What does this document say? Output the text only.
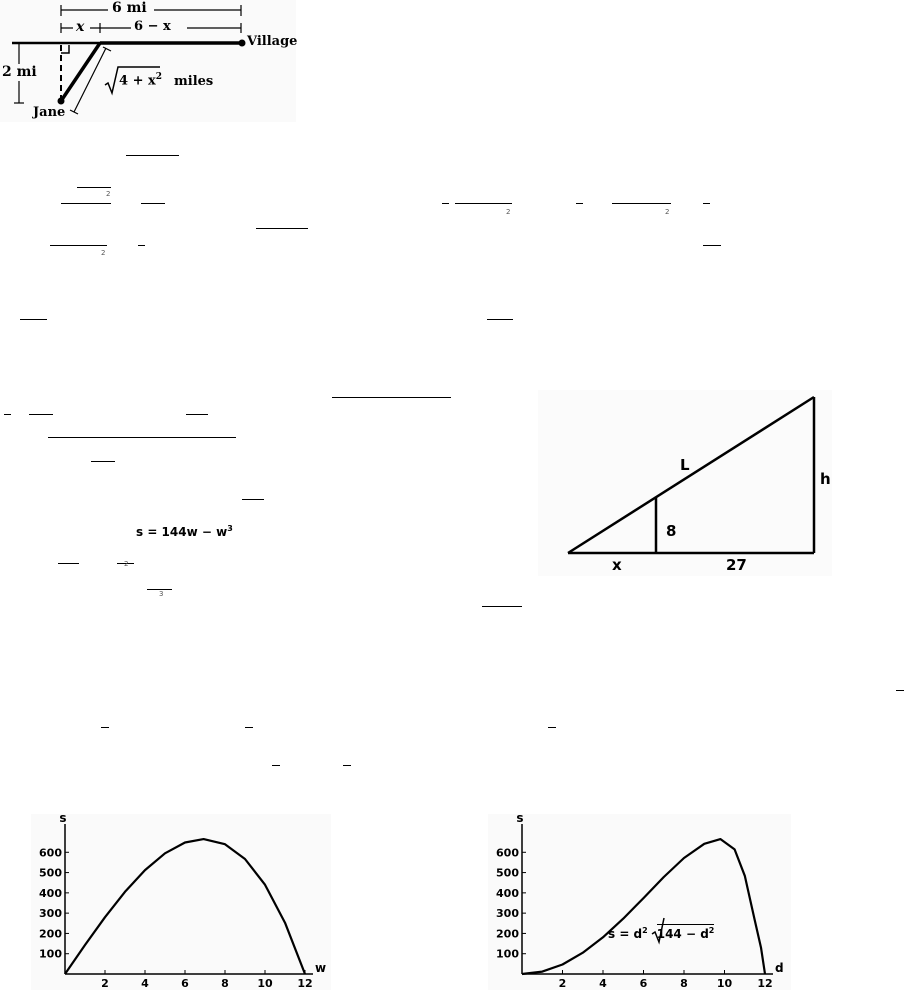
6 mi
x	6 − x
Village
2 mi
$4 + x^2$ miles
Jane
2
2	2
2
2
3
L
h
8
x	27
2	4	6	8	10 12
100
200
300
400
500
600
s
w
$s = 144w - w^3$
2	4	6	8	10 12
100
200
300
400
500
600
s
d
$s = d^2$ $144 - d^2$
